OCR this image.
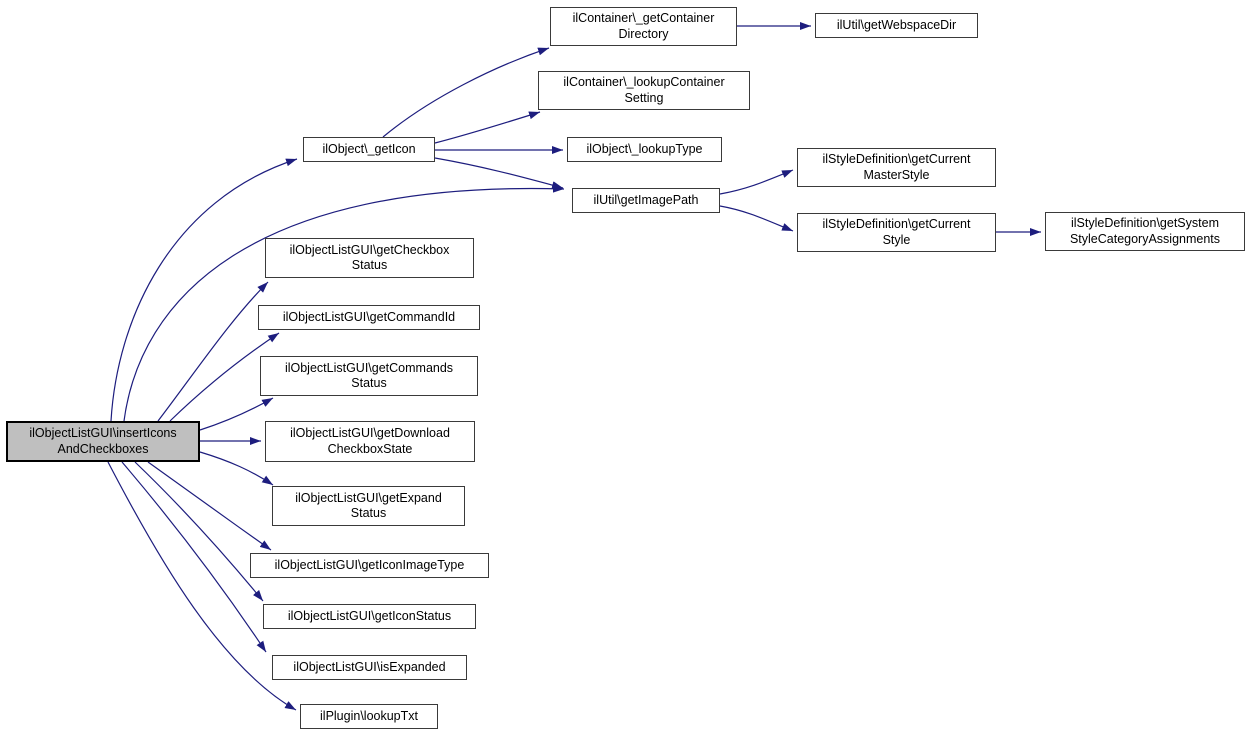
ilObjectListGUI\insertIcons
AndCheckboxes
ilObject\_getIcon
ilContainer\_getContainer
Directory
ilUtil\getWebspaceDir
ilContainer\_lookupContainer
Setting
ilObject\_lookupType
ilUtil\getImagePath
ilStyleDefinition\getCurrent
MasterStyle
ilStyleDefinition\getCurrent
Style
ilStyleDefinition\getSystem
StyleCategoryAssignments
ilObjectListGUI\getCheckbox
Status
ilObjectListGUI\getCommandId
ilObjectListGUI\getCommands
Status
ilObjectListGUI\getDownload
CheckboxState
ilObjectListGUI\getExpand
Status
ilObjectListGUI\getIconImageType
ilObjectListGUI\getIconStatus
ilObjectListGUI\isExpanded
ilPlugin\lookupTxt
